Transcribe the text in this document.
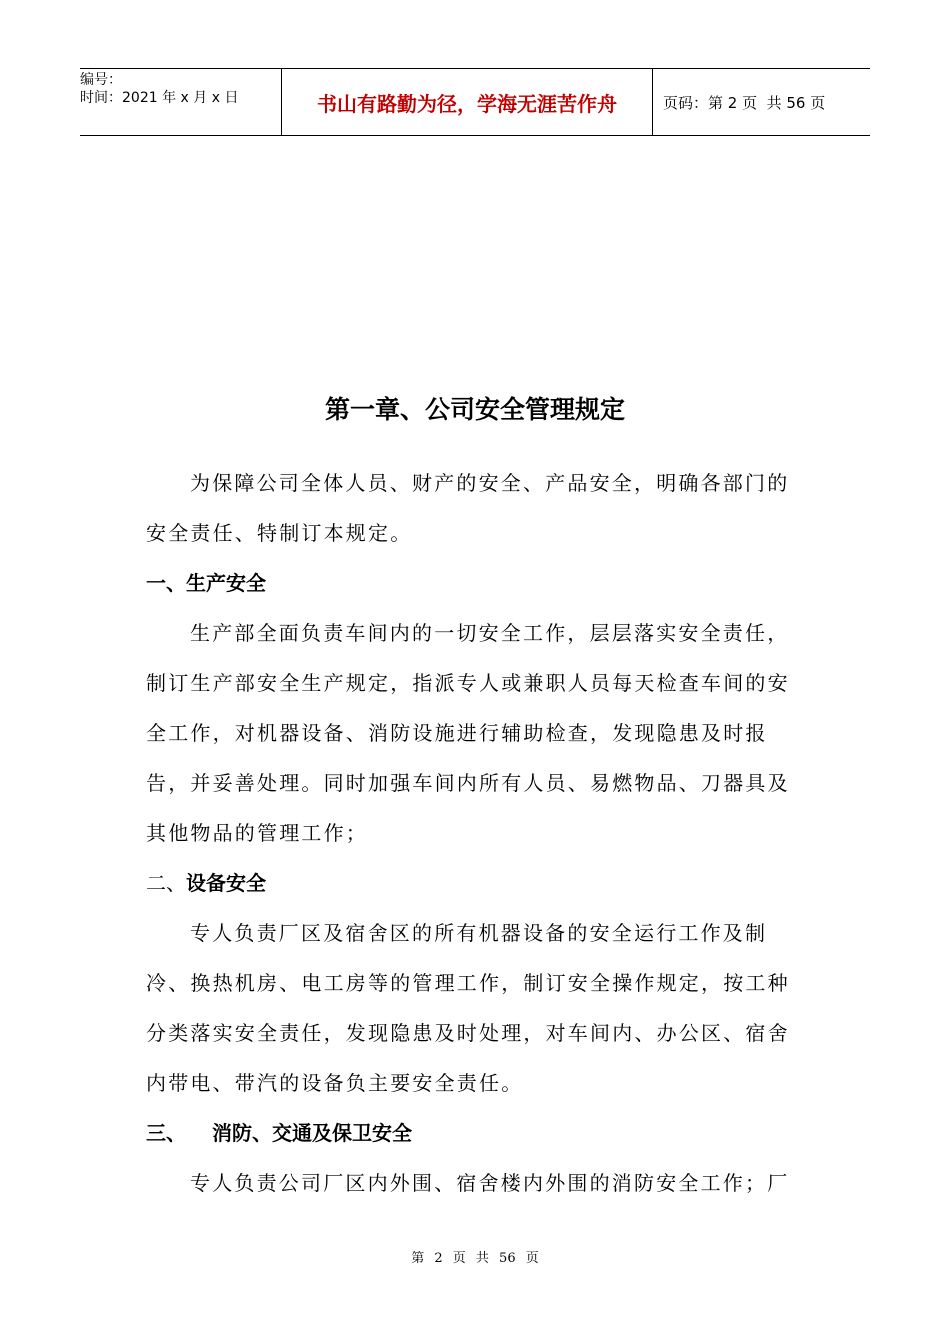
编号：
时间：2021 年 x 月 x 日	书山有路勤为径，学海无涯苦作舟	页码：第 2 页  共 56 页
第一章、公司安全管理规定

为保障公司全体人员、财产的安全、产品安全，明确各部门的安全责任、特制订本规定。

一、生产安全

生产部全面负责车间内的一切安全工作，层层落实安全责任，制订生产部安全生产规定，指派专人或兼职人员每天检查车间的安全工作，对机器设备、消防设施进行辅助检查，发现隐患及时报告，并妥善处理。同时加强车间内所有人员、易燃物品、刀器具及其他物品的管理工作；

二、设备安全

专人负责厂区及宿舍区的所有机器设备的安全运行工作及制冷、换热机房、电工房等的管理工作，制订安全操作规定，按工种分类落实安全责任，发现隐患及时处理，对车间内、办公区、宿舍内带电、带汽的设备负主要安全责任。

三、 消防、交通及保卫安全

专人负责公司厂区内外围、宿舍楼内外围的消防安全工作；厂

第 2 页 共 56 页
